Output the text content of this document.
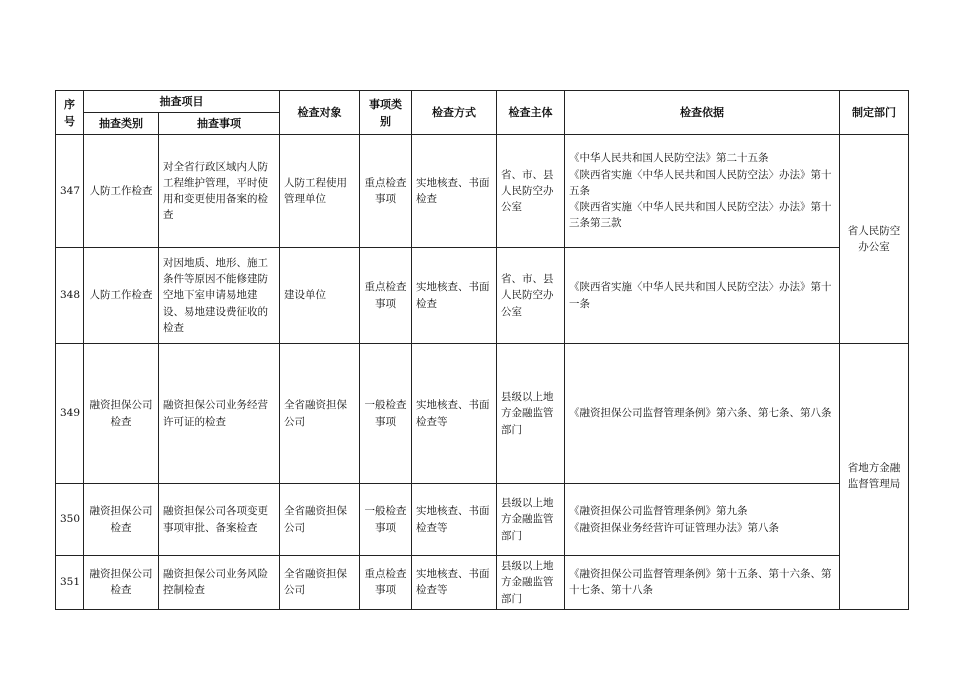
序号	抽查项目		检查对象	事项类别	检查方式	检查主体	检查依据	制定部门
	抽查类别	抽查事项						
347	人防工作检查	对全省行政区域内人防工程维护管理，平时使用和变更使用备案的检查	人防工程使用管理单位	重点检查事项	实地核查、书面检查	省、市、县人民防空办公室	《中华人民共和国人民防空法》第二十五条
《陕西省实施〈中华人民共和国人民防空法〉办法》第十五条
《陕西省实施〈中华人民共和国人民防空法〉办法》第十三条第三款	省人民防空办公室
348	人防工作检查	对因地质、地形、施工条件等原因不能修建防空地下室申请易地建设、易地建设费征收的检查	建设单位	重点检查事项	实地核查、书面检查	省、市、县人民防空办公室	《陕西省实施〈中华人民共和国人民防空法〉办法》第十一条	

349	融资担保公司检查	融资担保公司业务经营许可证的检查	全省融资担保公司	一般检查事项	实地核查、书面检查等	县级以上地方金融监管部门	《融资担保公司监督管理条例》第六条、第七条、第八条	省地方金融监督管理局
350	融资担保公司检查	融资担保公司各项变更事项审批、备案检查	全省融资担保公司	一般检查事项	实地核查、书面检查等	县级以上地方金融监管部门	《融资担保公司监督管理条例》第九条
《融资担保业务经营许可证管理办法》第八条	

351	融资担保公司检查	融资担保公司业务风险控制检查	全省融资担保公司	重点检查事项	实地核查、书面检查等	县级以上地方金融监管部门	《融资担保公司监督管理条例》第十五条、第十六条、第十七条、第十八条	
